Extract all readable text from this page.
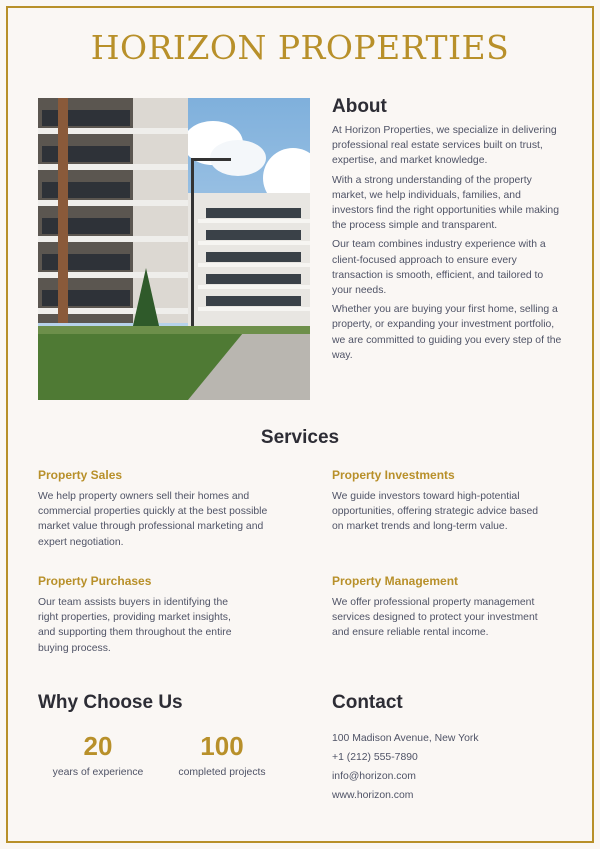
HORIZON PROPERTIES
About

At Horizon Properties, we specialize in delivering professional real estate services built on trust, expertise, and market knowledge.

With a strong understanding of the property market, we help individuals, families, and investors find the right opportunities while making the process simple and transparent.

Our team combines industry experience with a client-focused approach to ensure every transaction is smooth, efficient, and tailored to your needs.

Whether you are buying your first home, selling a property, or expanding your investment portfolio, we are committed to guiding you every step of the way.

Services
Property Sales

We help property owners sell their homes and commercial properties quickly at the best possible market value through professional marketing and expert negotiation.

Property Investments

We guide investors toward high-potential opportunities, offering strategic advice based on market trends and long-term value.

Property Purchases

Our team assists buyers in identifying the right properties, providing market insights, and supporting them throughout the entire buying process.

Property Management

We offer professional property management services designed to protect your investment and ensure reliable rental income.

Why Choose Us
20
years of experience
100
completed projects
Contact
100 Madison Avenue, New York
+1 (212) 555-7890
info@horizon.com
www.horizon.com
